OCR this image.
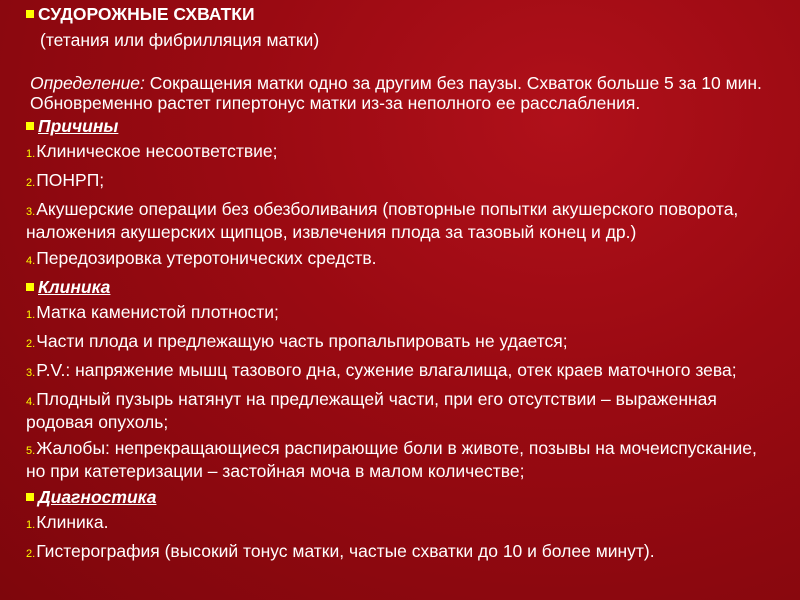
СУДОРОЖНЫЕ СХВАТКИ

(тетания или фибрилляция матки)

Определение: Сокращения матки одно за другим без паузы. Схваток больше 5 за 10 мин. Обновременно растет гипертонус матки из-за неполного ее расслабления.

Причины

1.Клиническое несоответствие;

2.ПОНРП;

3.Акушерские операции без обезболивания (повторные попытки акушерского поворота, наложения акушерских щипцов, извлечения плода за тазовый конец и др.)

4.Передозировка утеротонических средств.

Клиника

1.Матка каменистой плотности;

2.Части плода и предлежащую часть пропальпировать не удается;

3.P.V.: напряжение мышц тазового дна, сужение влагалища, отек краев маточного зева;

4.Плодный пузырь натянут на предлежащей части, при его отсутствии – выраженная родовая опухоль;

5.Жалобы: непрекращающиеся распирающие боли в животе, позывы на мочеиспускание, но при катетеризации – застойная моча в малом количестве;

Диагностика

1.Клиника.

2.Гистерография (высокий тонус матки, частые схватки до 10 и более минут).
